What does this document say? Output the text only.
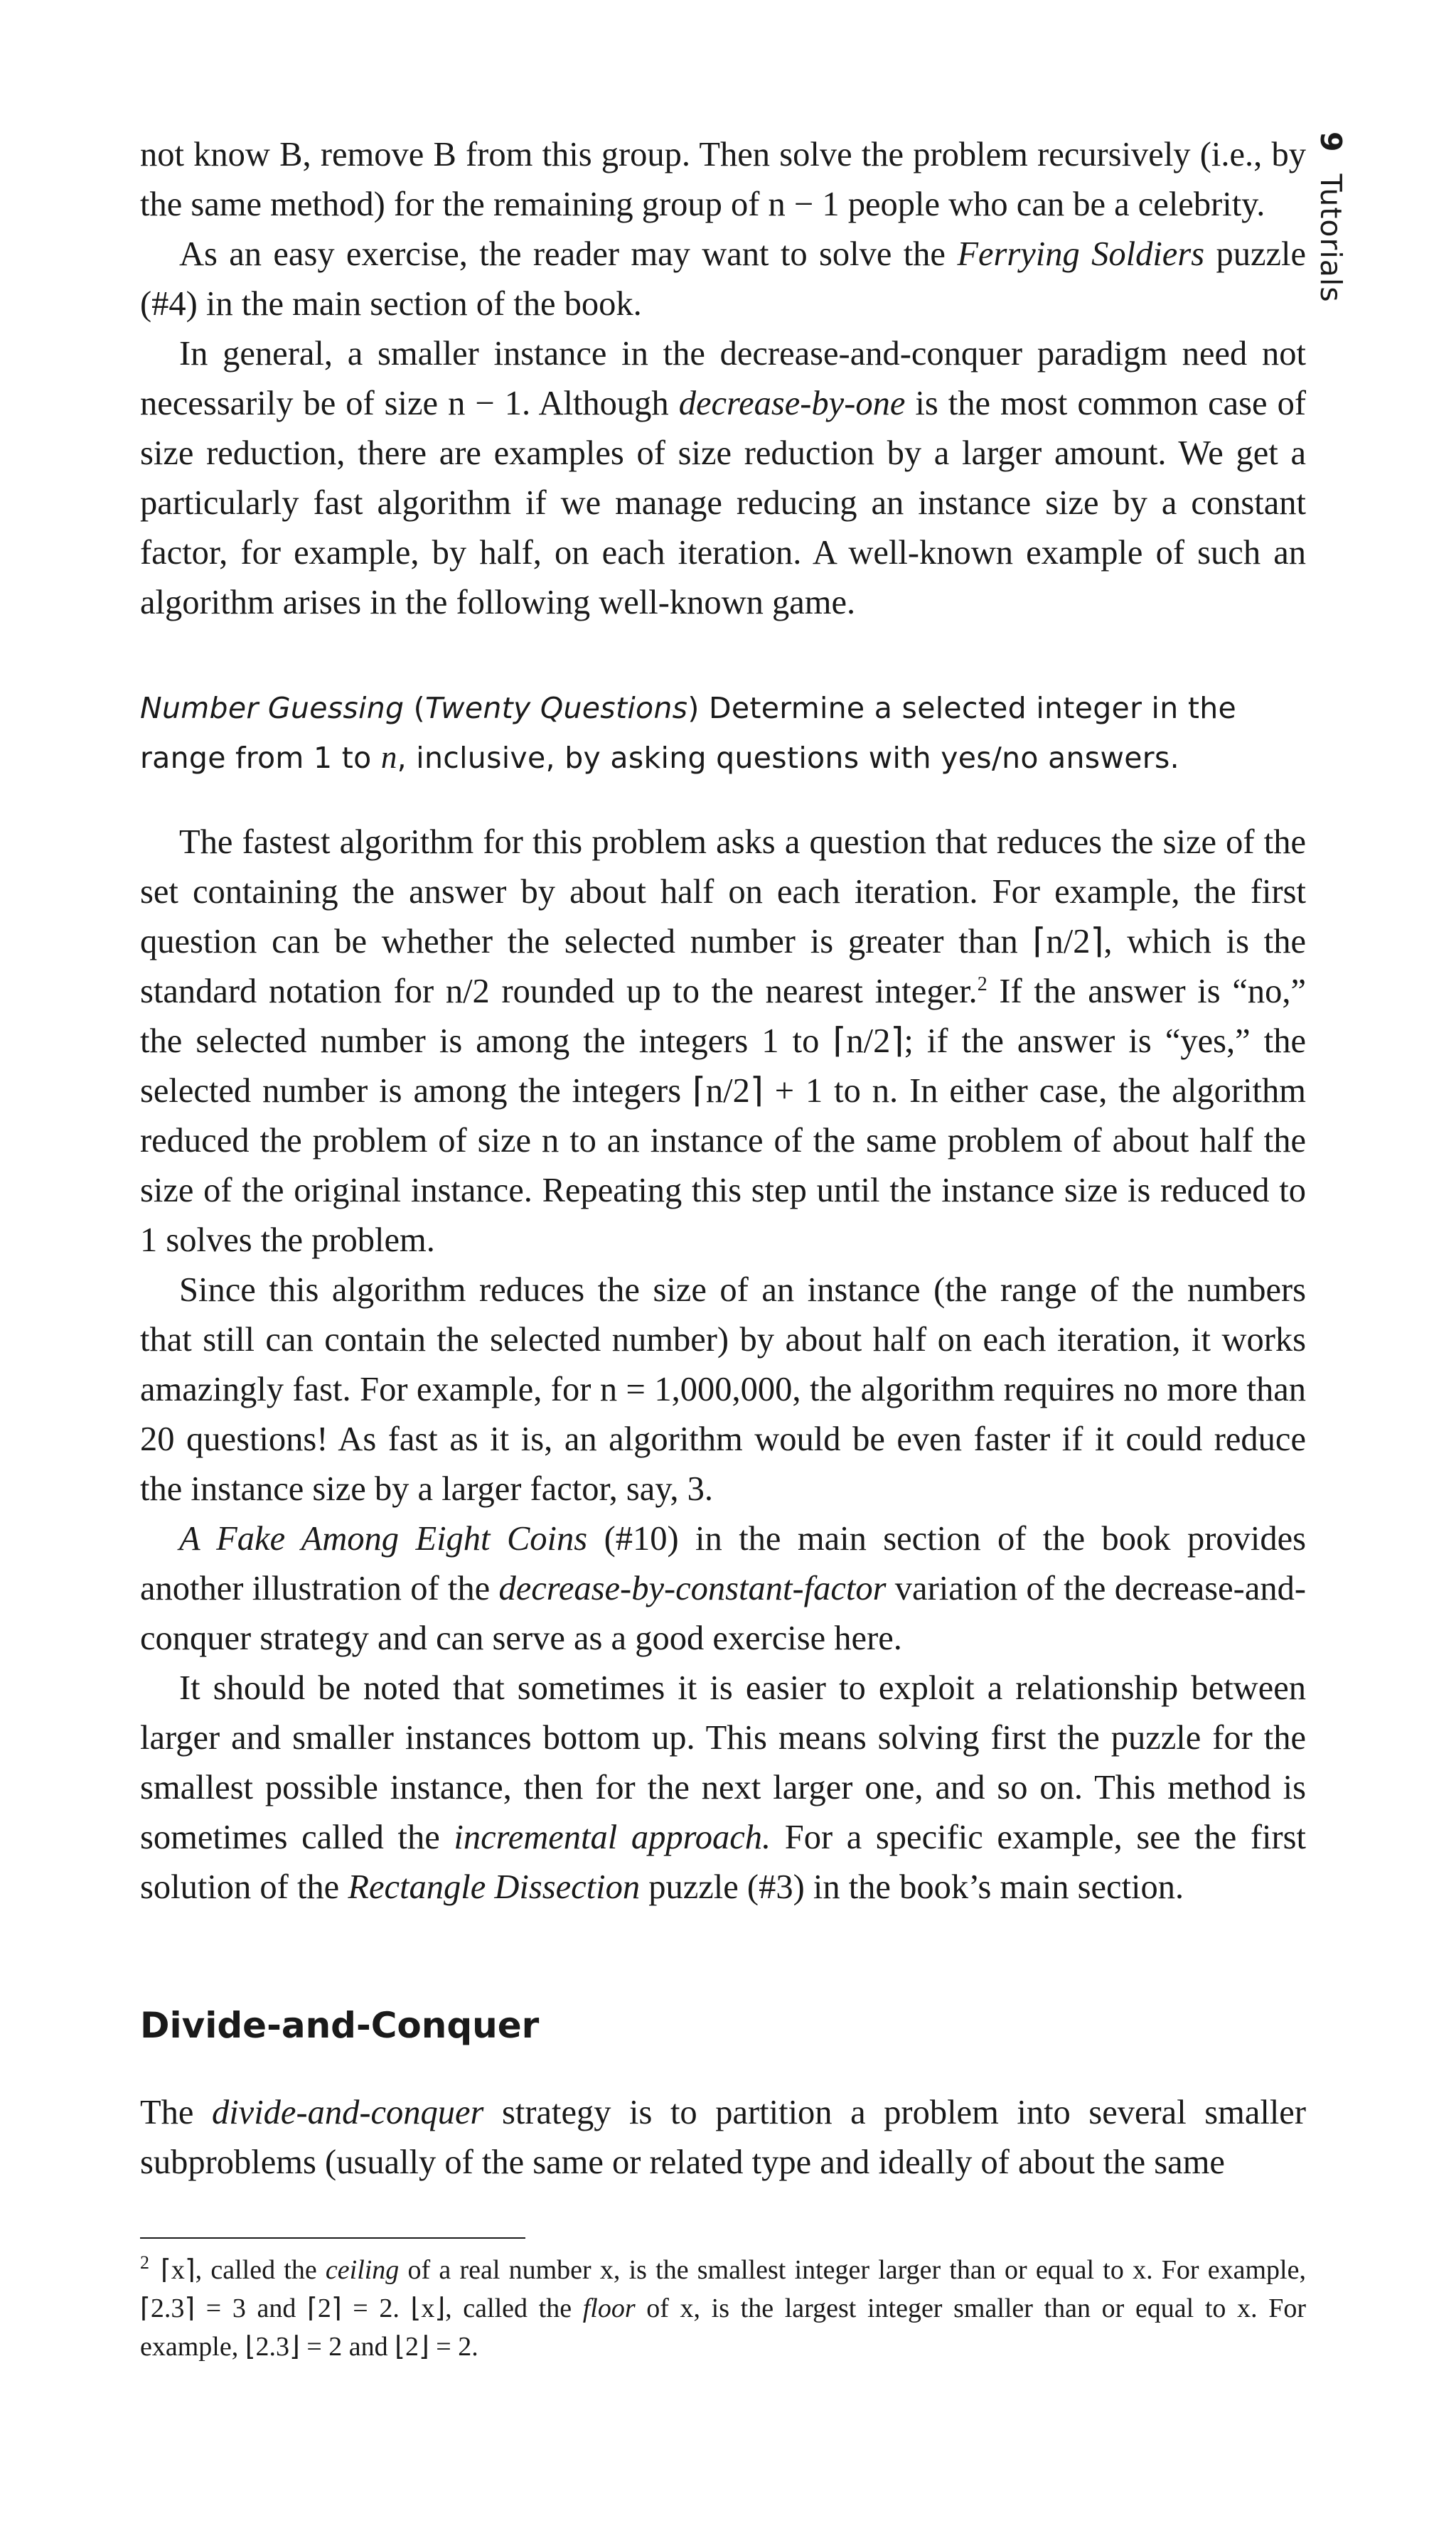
9Tutorials

not know B, remove B from this group. Then solve the problem recursively (i.e., by the same method) for the remaining group of n − 1 people who can be a celebrity.

As an easy exercise, the reader may want to solve the Ferrying Soldiers puzzle (#4) in the main section of the book.

In general, a smaller instance in the decrease-and-conquer paradigm need not necessarily be of size n − 1. Although decrease-by-one is the most common case of size reduction, there are examples of size reduction by a larger amount. We get a particularly fast algorithm if we manage reducing an instance size by a constant factor, for example, by half, on each iteration. A well-known example of such an algorithm arises in the following well-known game.

Number Guessing (Twenty Questions) Determine a selected integer in the range from 1 to n, inclusive, by asking questions with yes/no answers.

The fastest algorithm for this problem asks a question that reduces the size of the set containing the answer by about half on each iteration. For example, the first question can be whether the selected number is greater than ⌈n/2⌉, which is the standard notation for n/2 rounded up to the nearest integer.$^2$ If the answer is “no,” the selected number is among the integers 1 to ⌈n/2⌉; if the answer is “yes,” the selected number is among the integers ⌈n/2⌉ + 1 to n. In either case, the algorithm reduced the problem of size n to an instance of the same problem of about half the size of the original instance. Repeating this step until the instance size is reduced to 1 solves the problem.

Since this algorithm reduces the size of an instance (the range of the numbers that still can contain the selected number) by about half on each iteration, it works amazingly fast. For example, for n = 1,000,000, the algorithm requires no more than 20 questions! As fast as it is, an algorithm would be even faster if it could reduce the instance size by a larger factor, say, 3.

A Fake Among Eight Coins (#10) in the main section of the book provides another illustration of the decrease-by-constant-factor variation of the decrease-and-conquer strategy and can serve as a good exercise here.

It should be noted that sometimes it is easier to exploit a relationship between larger and smaller instances bottom up. This means solving first the puzzle for the smallest possible instance, then for the next larger one, and so on. This method is sometimes called the incremental approach. For a specific example, see the first solution of the Rectangle Dissection puzzle (#3) in the book’s main section.

Divide-and-Conquer

The divide-and-conquer strategy is to partition a problem into several smaller subproblems (usually of the same or related type and ideally of about the same

$^2$ ⌈x⌉, called the ceiling of a real number x, is the smallest integer larger than or equal to x. For example, ⌈2.3⌉ = 3 and ⌈2⌉ = 2. ⌊x⌋, called the floor of x, is the largest integer smaller than or equal to x. For example, ⌊2.3⌋ = 2 and ⌊2⌋ = 2.
